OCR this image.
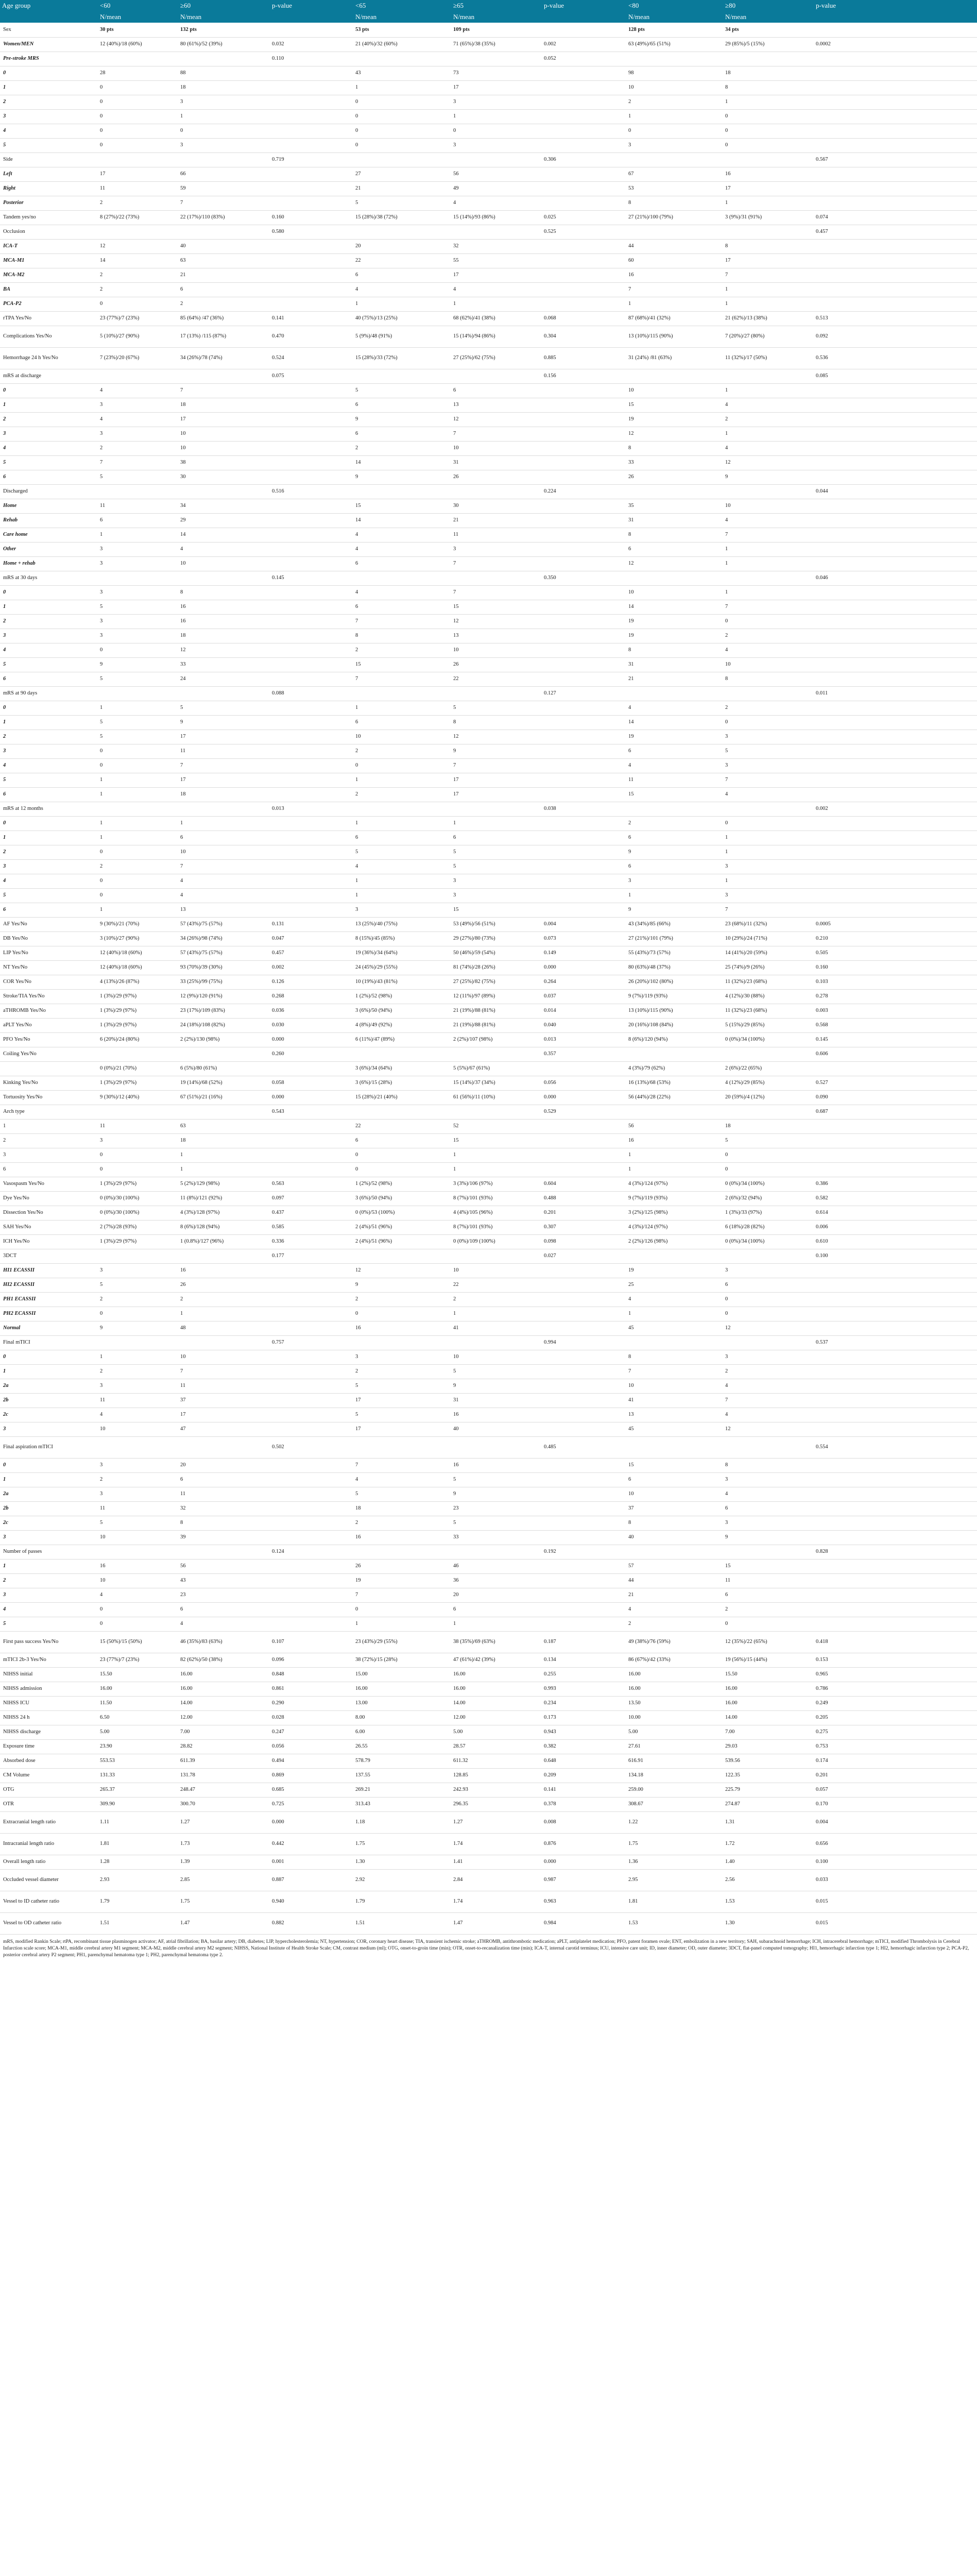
Age group	<60	≥60	p-value	<65	≥65	p-value	<80	≥80	p-value
	N/mean	N/mean		N/mean	N/mean		N/mean	N/mean	
Sex	30 pts	132 pts		53 pts	109 pts		128 pts	34 pts	
Women/MEN	12 (40%)/18 (60%)	80 (61%)/52 (39%)	0.032	21 (40%)/32 (60%)	71 (65%)/38 (35%)	0.002	63 (49%)/65 (51%)	29 (85%)/5 (15%)	0.0002
Pre-stroke MRS			0.110			0.052			
0	28	88		43	73		98	18	
1	0	18		1	17		10	8	
2	0	3		0	3		2	1	
3	0	1		0	1		1	0	
4	0	0		0	0		0	0	
5	0	3		0	3		3	0	
Side			0.719			0.306			0.567
Left	17	66		27	56		67	16	
Right	11	59		21	49		53	17	
Posterior	2	7		5	4		8	1	
Tandem yes/no	8 (27%)/22 (73%)	22 (17%)/110 (83%)	0.160	15 (28%)/38 (72%)	15 (14%)/93 (86%)	0.025	27 (21%)/100 (79%)	3 (9%)/31 (91%)	0.074
Occlusion			0.580			0.525			0.457
ICA-T	12	40		20	32		44	8	
MCA-M1	14	63		22	55		60	17	
MCA-M2	2	21		6	17		16	7	
BA	2	6		4	4		7	1	
PCA-P2	0	2		1	1		1	1	
rTPA Yes/No	23 (77%)/7 (23%)	85 (64%) /47 (36%)	0.141	40 (75%)/13 (25%)	68 (62%)/41 (38%)	0.068	87 (68%)/41 (32%)	21 (62%)/13 (38%)	0.513
Complications Yes/No	5 (10%)/27 (90%)	17 (13%) /115 (87%)	0.470	5 (9%)/48 (91%)	15 (14%)/94 (86%)	0.304	13 (10%)/115 (90%)	7 (20%)/27 (80%)	0.092
Hemorrhage 24 h Yes/No	7 (23%)/20 (67%)	34 (26%)/78 (74%)	0.524	15 (28%)/33 (72%)	27 (25%)/62 (75%)	0.885	31 (24%) /81 (63%)	11 (32%)/17 (50%)	0.536
mRS at discharge			0.075			0.156			0.085
0	4	7		5	6		10	1	
1	3	18		6	13		15	4	
2	4	17		9	12		19	2	
3	3	10		6	7		12	1	
4	2	10		2	10		8	4	
5	7	38		14	31		33	12	
6	5	30		9	26		26	9	
Discharged			0.516			0.224			0.044
Home	11	34		15	30		35	10	
Rehab	6	29		14	21		31	4	
Care home	1	14		4	11		8	7	
Other	3	4		4	3		6	1	
Home + rehab	3	10		6	7		12	1	
mRS at 30 days			0.145			0.350			0.046
0	3	8		4	7		10	1	
1	5	16		6	15		14	7	
2	3	16		7	12		19	0	
3	3	18		8	13		19	2	
4	0	12		2	10		8	4	
5	9	33		15	26		31	10	
6	5	24		7	22		21	8	
mRS at 90 days			0.088			0.127			0.011
0	1	5		1	5		4	2	
1	5	9		6	8		14	0	
2	5	17		10	12		19	3	
3	0	11		2	9		6	5	
4	0	7		0	7		4	3	
5	1	17		1	17		11	7	
6	1	18		2	17		15	4	
mRS at 12 months			0.013			0.038			0.002
0	1	1		1	1		2	0	
1	1	6		6	6		6	1	
2	0	10		5	5		9	1	
3	2	7		4	5		6	3	
4	0	4		1	3		3	1	
5	0	4		1	3		1	3	
6	1	13		3	15		9	7	
AF Yes/No	9 (30%)/21 (70%)	57 (43%)/75 (57%)	0.131	13 (25%)/40 (75%)	53 (49%)/56 (51%)	0.004	43 (34%)/85 (66%)	23 (68%)/11 (32%)	0.0005
DB Yes/No	3 (10%)/27 (90%)	34 (26%)/98 (74%)	0.047	8 (15%)/45 (85%)	29 (27%)/80 (73%)	0.073	27 (21%)/101 (79%)	10 (29%)/24 (71%)	0.210
LIP Yes/No	12 (40%)/18 (60%)	57 (43%)/75 (57%)	0.457	19 (36%)/34 (64%)	50 (46%)/59 (54%)	0.149	55 (43%)/73 (57%)	14 (41%)/20 (59%)	0.505
NT Yes/No	12 (40%)/18 (60%)	93 (70%)/39 (30%)	0.002	24 (45%)/29 (55%)	81 (74%)/28 (26%)	0.000	80 (63%)/48 (37%)	25 (74%)/9 (26%)	0.160
COR Yes/No	4 (13%)/26 (87%)	33 (25%)/99 (75%)	0.126	10 (19%)/43 (81%)	27 (25%)/82 (75%)	0.264	26 (20%)/102 (80%)	11 (32%)/23 (68%)	0.103
Stroke/TIA Yes/No	1 (3%)/29 (97%)	12 (9%)/120 (91%)	0.268	1 (2%)/52 (98%)	12 (11%)/97 (89%)	0.037	9 (7%)/119 (93%)	4 (12%)/30 (88%)	0.278
aTHROMB Yes/No	1 (3%)/29 (97%)	23 (17%)/109 (83%)	0.036	3 (6%)/50 (94%)	21 (19%)/88 (81%)	0.014	13 (10%)/115 (90%)	11 (32%)/23 (68%)	0.003
aPLT Yes/No	1 (3%)/29 (97%)	24 (18%)/108 (82%)	0.030	4 (8%)/49 (92%)	21 (19%)/88 (81%)	0.040	20 (16%)/108 (84%)	5 (15%)/29 (85%)	0.568
PFO Yes/No	6 (20%)/24 (80%)	2 (2%)/130 (98%)	0.000	6 (11%)/47 (89%)	2 (2%)/107 (98%)	0.013	8 (6%)/120 (94%)	0 (0%)/34 (100%)	0.145
Coiling Yes/No			0.260			0.357			0.606
	0 (0%)/21 (70%)	6 (5%)/80 (61%)		3 (6%)/34 (64%)	5 (5%)/67 (61%)		4 (3%)/79 (62%)	2 (6%)/22 (65%)	
Kinking Yes/No	1 (3%)/29 (97%)	19 (14%)/68 (52%)	0.058	3 (6%)/15 (28%)	15 (14%)/37 (34%)	0.056	16 (13%)/68 (53%)	4 (12%)/29 (85%)	0.527
Tortuosity Yes/No	9 (30%)/12 (40%)	67 (51%)/21 (16%)	0.000	15 (28%)/21 (40%)	61 (56%)/11 (10%)	0.000	56 (44%)/28 (22%)	20 (59%)/4 (12%)	0.090
Arch type			0.543			0.529			0.687
1	11	63		22	52		56	18	
2	3	18		6	15		16	5	
3	0	1		0	1		1	0	
6	0	1		0	1		1	0	
Vasospasm Yes/No	1 (3%)/29 (97%)	5 (2%)/129 (98%)	0.563	1 (2%)/52 (98%)	3 (3%)/106 (97%)	0.604	4 (3%)/124 (97%)	0 (0%)/34 (100%)	0.386
Dye Yes/No	0 (0%)/30 (100%)	11 (8%)/121 (92%)	0.097	3 (6%)/50 (94%)	8 (7%)/101 (93%)	0.488	9 (7%)/119 (93%)	2 (6%)/32 (94%)	0.582
Dissection Yes/No	0 (0%)/30 (100%)	4 (3%)/128 (97%)	0.437	0 (0%)/53 (100%)	4 (4%)/105 (96%)	0.201	3 (2%)/125 (98%)	1 (3%)/33 (97%)	0.614
SAH Yes/No	2 (7%)/28 (93%)	8 (6%)/128 (94%)	0.585	2 (4%)/51 (96%)	8 (7%)/101 (93%)	0.307	4 (3%)/124 (97%)	6 (18%)/28 (82%)	0.006
ICH Yes/No	1 (3%)/29 (97%)	1 (0.8%)/127 (96%)	0.336	2 (4%)/51 (96%)	0 (0%)/109 (100%)	0.098	2 (2%)/126 (98%)	0 (0%)/34 (100%)	0.610
3DCT			0.177			0.027			0.100
HI1 ECASSII	3	16		12	10		19	3	
HI2 ECASSII	5	26		9	22		25	6	
PH1 ECASSII	2	2		2	2		4	0	
PH2 ECASSII	0	1		0	1		1	0	
Normal	9	48		16	41		45	12	
Final mTICI			0.757			0.994			0.537
0	1	10		3	10		8	3	
1	2	7		2	5		7	2	
2a	3	11		5	9		10	4	
2b	11	37		17	31		41	7	
2c	4	17		5	16		13	4	
3	10	47		17	40		45	12	
Final aspiration mTICI			0.502			0.485			0.554
0	3	20		7	16		15	8	
1	2	6		4	5		6	3	
2a	3	11		5	9		10	4	
2b	11	32		18	23		37	6	
2c	5	8		2	5		8	3	
3	10	39		16	33		40	9	
Number of passes			0.124			0.192			0.828
1	16	56		26	46		57	15	
2	10	43		19	36		44	11	
3	4	23		7	20		21	6	
4	0	6		0	6		4	2	
5	0	4		1	1		2	0	
First pass success Yes/No	15 (50%)/15 (50%)	46 (35%)/83 (63%)	0.107	23 (43%)/29 (55%)	38 (35%)/69 (63%)	0.187	49 (38%)/76 (59%)	12 (35%)/22 (65%)	0.418
mTICI 2b-3 Yes/No	23 (77%)/7 (23%)	82 (62%)/50 (38%)	0.096	38 (72%)/15 (28%)	47 (61%)/42 (39%)	0.134	86 (67%)/42 (33%)	19 (56%)/15 (44%)	0.153
NIHSS initial	15.50	16.00	0.848	15.00	16.00	0.255	16.00	15.50	0.965
NIHSS admission	16.00	16.00	0.861	16.00	16.00	0.993	16.00	16.00	0.786
NIHSS ICU	11.50	14.00	0.290	13.00	14.00	0.234	13.50	16.00	0.249
NIHSS 24 h	6.50	12.00	0.028	8.00	12.00	0.173	10.00	14.00	0.205
NIHSS discharge	5.00	7.00	0.247	6.00	5.00	0.943	5.00	7.00	0.275
Exposure time	23.90	28.82	0.056	26.55	28.57	0.382	27.61	29.03	0.753
Absorbed dose	553.53	611.39	0.494	578.79	611.32	0.648	616.91	539.56	0.174
CM Volume	131.33	131.78	0.869	137.55	128.85	0.209	134.18	122.35	0.201
OTG	265.37	248.47	0.685	269.21	242.93	0.141	259.00	225.79	0.057
OTR	309.90	300.70	0.725	313.43	296.35	0.378	308.67	274.87	0.170
Extracranial length ratio	1.11	1.27	0.000	1.18	1.27	0.008	1.22	1.31	0.004
Intracranial length ratio	1.81	1.73	0.442	1.75	1.74	0.876	1.75	1.72	0.656
Overall length ratio	1.28	1.39	0.001	1.30	1.41	0.000	1.36	1.40	0.100
Occluded vessel diameter	2.93	2.85	0.887	2.92	2.84	0.987	2.95	2.56	0.033
Vessel to ID catheter ratio	1.79	1.75	0.940	1.79	1.74	0.963	1.81	1.53	0.015
Vessel to OD catheter ratio	1.51	1.47	0.882	1.51	1.47	0.984	1.53	1.30	0.015
mRS, modified Rankin Scale; rtPA, recombinant tissue plasminogen activator; AF, atrial fibrillation; BA, basilar artery; DB, diabetes; LIP, hypercholesterolemia; NT, hypertension; COR, coronary heart disease; TIA, transient ischemic stroke; aTHROMB, antithrombotic medication; aPLT, antiplatelet medication; PFO, patent foramen ovale; ENT, embolization in a new territory; SAH, subarachnoid hemorrhage; ICH, intracerebral hemorrhage; mTICI, modified Thrombolysis in Cerebral Infarction scale score; MCA-M1, middle cerebral artery M1 segment; MCA-M2, middle cerebral artery M2 segment; NIHSS, National Institute of Health Stroke Scale; CM, contrast medium (ml); OTG, onset-to-groin time (min); OTR, onset-to-recanalization time (min); ICA-T, internal carotid terminus; ICU, intensive care unit; ID, inner diameter; OD, outer diameter; 3DCT, flat-panel computed tomography; HI1, hemorrhagic infarction type 1; HI2, hemorrhagic infarction type 2; PCA-P2, posterior cerebral artery P2 segment; PH1, parenchymal hematoma type 1; PH2, parenchymal hematoma type 2.
